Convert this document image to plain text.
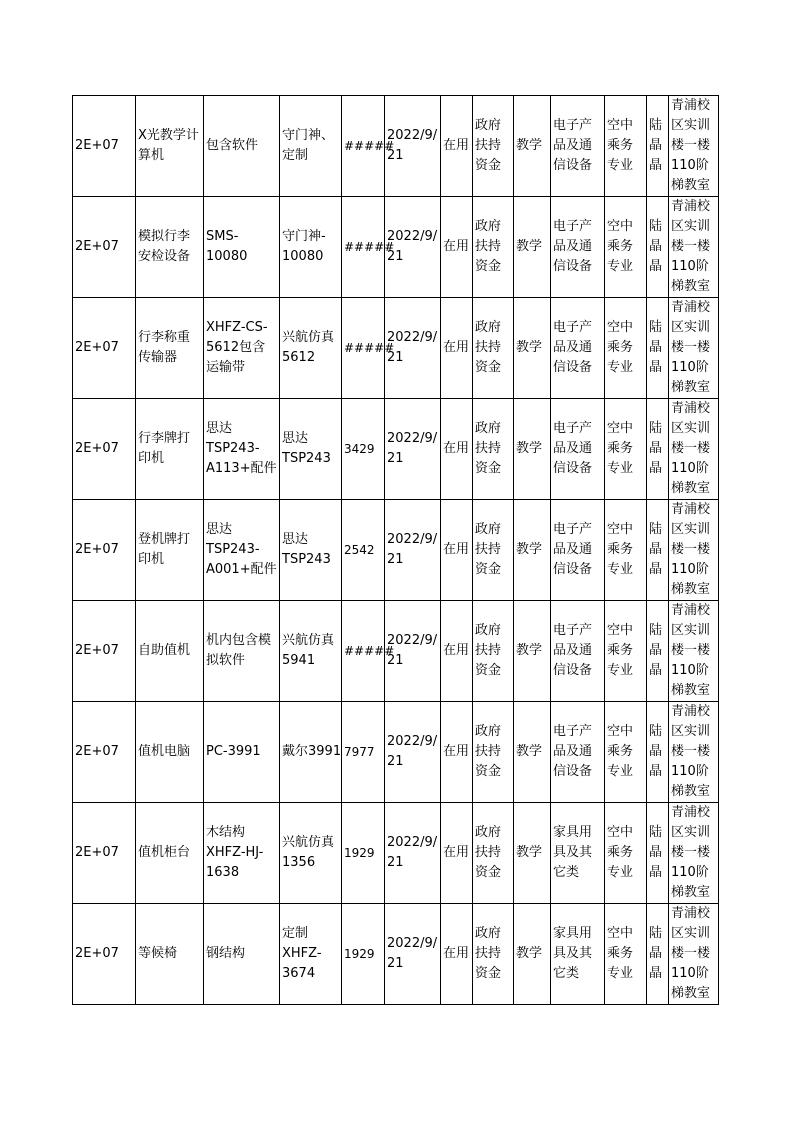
2E+07	X光教学计
算机	包含软件	守门神、
定制	#####	2022/9/
21	在用	政府
扶持
资金	教学	电子产
品及通
信设备	空中
乘务
专业	陆
晶
晶	青浦校
区实训
楼一楼
110阶
梯教室

2E+07	模拟行李
安检设备	SMS-
10080	守门神-
10080	#####	2022/9/
21	在用	政府
扶持
资金	教学	电子产
品及通
信设备	空中
乘务
专业	陆
晶
晶	青浦校
区实训
楼一楼
110阶
梯教室

2E+07	行李称重
传输器	XHFZ-CS-
5612包含
运输带	兴航仿真
5612	#####	2022/9/
21	在用	政府
扶持
资金	教学	电子产
品及通
信设备	空中
乘务
专业	陆
晶
晶	青浦校
区实训
楼一楼
110阶
梯教室

2E+07	行李牌打
印机	思达
TSP243-
A113+配件	思达
TSP243	3429	2022/9/
21	在用	政府
扶持
资金	教学	电子产
品及通
信设备	空中
乘务
专业	陆
晶
晶	青浦校
区实训
楼一楼
110阶
梯教室

2E+07	登机牌打
印机	思达
TSP243-
A001+配件	思达
TSP243	2542	2022/9/
21	在用	政府
扶持
资金	教学	电子产
品及通
信设备	空中
乘务
专业	陆
晶
晶	青浦校
区实训
楼一楼
110阶
梯教室

2E+07	自助值机	机内包含模
拟软件	兴航仿真
5941	#####	2022/9/
21	在用	政府
扶持
资金	教学	电子产
品及通
信设备	空中
乘务
专业	陆
晶
晶	青浦校
区实训
楼一楼
110阶
梯教室

2E+07	值机电脑	PC-3991	戴尔3991	7977	2022/9/
21	在用	政府
扶持
资金	教学	电子产
品及通
信设备	空中
乘务
专业	陆
晶
晶	青浦校
区实训
楼一楼
110阶
梯教室

2E+07	值机柜台	木结构
XHFZ-HJ-
1638	兴航仿真
1356	1929	2022/9/
21	在用	政府
扶持
资金	教学	家具用
具及其
它类	空中
乘务
专业	陆
晶
晶	青浦校
区实训
楼一楼
110阶
梯教室

2E+07	等候椅	钢结构	定制
XHFZ-
3674	1929	2022/9/
21	在用	政府
扶持
资金	教学	家具用
具及其
它类	空中
乘务
专业	陆
晶
晶	青浦校
区实训
楼一楼
110阶
梯教室
